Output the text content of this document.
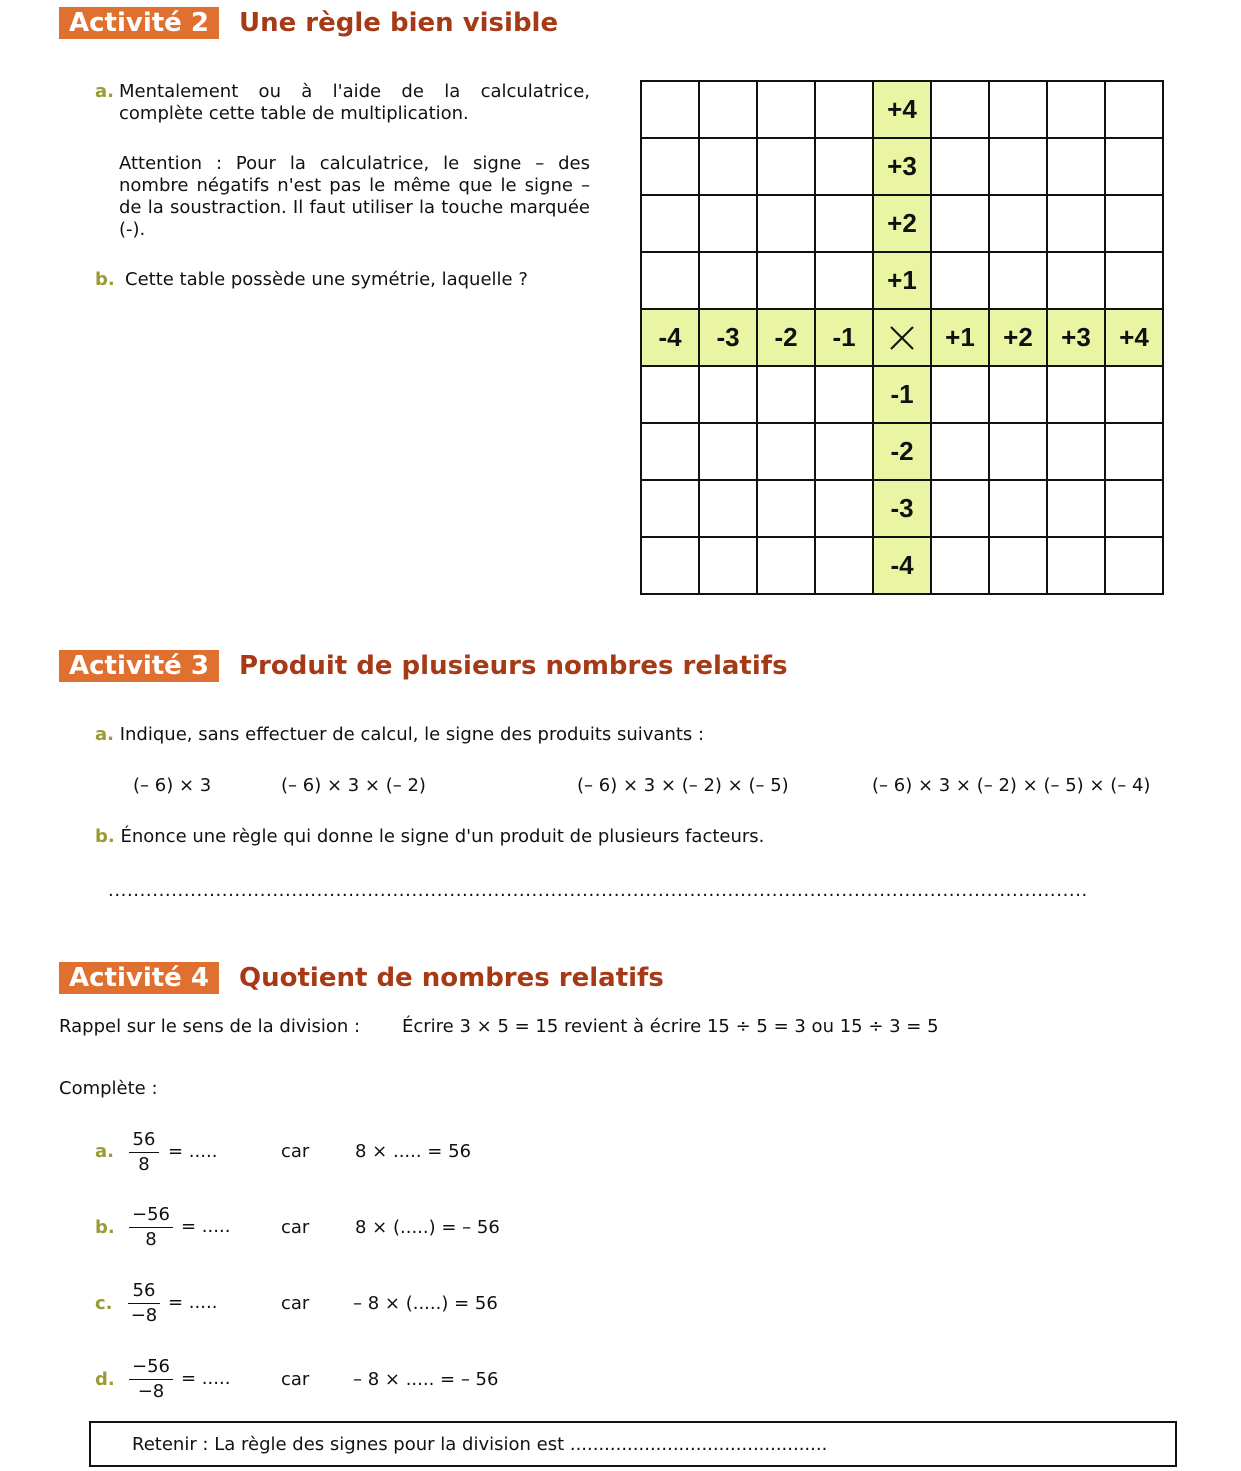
Activité 2	Une règle bien visible
a. Mentalement ou à l'aide de la calculatrice, complète cette table de multiplication.
Attention : Pour la calculatrice, le signe – des nombre négatifs n'est pas le même que le signe – de la soustraction. Il faut utiliser la touche marquée (-).
b. Cette table possède une symétrie, laquelle ?
				+4				
				+3				
				+2				
				+1				
-4	-3	-2	-1		+1	+2	+3	+4
				-1				
				-2				
				-3				
				-4				
Activité 3	Produit de plusieurs nombres relatifs
a. Indique, sans effectuer de calcul, le signe des produits suivants :
(– 6) × 3	(– 6) × 3 × (– 2)	(– 6) × 3 × (– 2) × (– 5)	(– 6) × 3 × (– 2) × (– 5) × (– 4)
b. Énonce une règle qui donne le signe d'un produit de plusieurs facteurs.
...........................................................................................................................................................
Activité 4	Quotient de nombres relatifs
Rappel sur le sens de la division : Écrire 3 × 5 = 15 revient à écrire 15 ÷ 5 = 3 ou 15 ÷ 3 = 5
Complète :
a. $\frac{56}{8}$ = .....	car	8 × ..... = 56
b. $\frac{-56}{8}$ = .....	car	8 × (.....) = – 56
c. $\frac{56}{-8}$ = .....	car – 8 × (.....) = 56
d. $\frac{-56}{-8}$ = .....	car – 8 × ..... = – 56
Retenir : La règle des signes pour la division est .............................................
